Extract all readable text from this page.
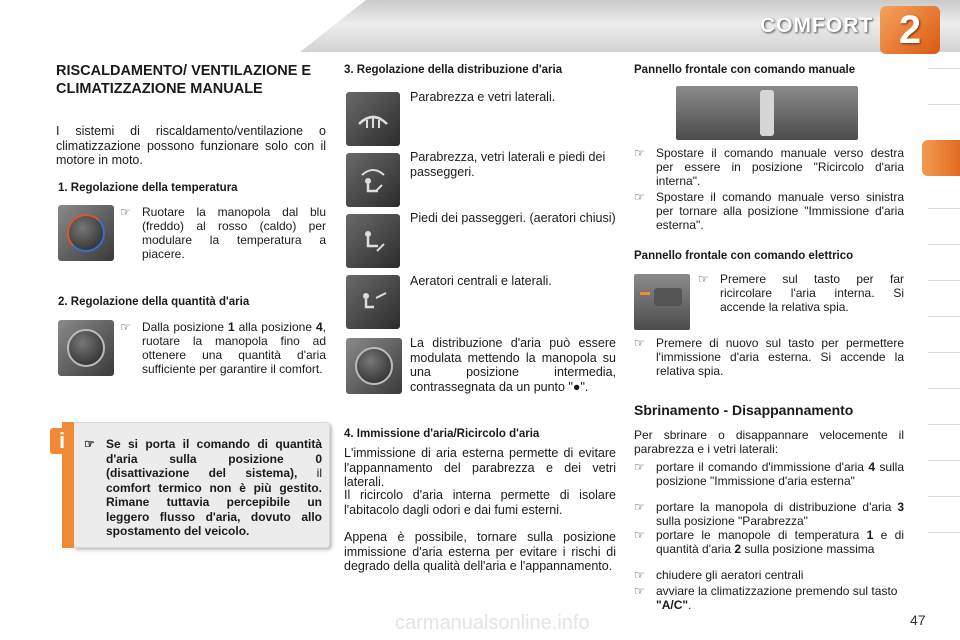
COMFORT 2
RISCALDAMENTO/ VENTILAZIONE E CLIMATIZZAZIONE MANUALE
I sistemi di riscaldamento/ventilazione o climatizzazione possono funzionare solo con il motore in moto.
1. Regolazione della temperatura
☞ Ruotare la manopola dal blu (freddo) al rosso (caldo) per modulare la temperatura a piacere.
2. Regolazione della quantità d'aria
☞ Dalla posizione 1 alla posizione 4, ruotare la manopola fino ad ottenere una quantità d'aria sufficiente per garantire il comfort.
i	☞ Se si porta il comando di quantità d'aria sulla posizione 0 (disattivazione del sistema), il comfort termico non è più gestito. Rimane tuttavia percepibile un leggero flusso d'aria, dovuto allo spostamento del veicolo.
3. Regolazione della distribuzione d'aria
Parabrezza e vetri laterali.
Parabrezza, vetri laterali e piedi dei passeggeri.
Piedi dei passeggeri. (aeratori chiusi)
Aeratori centrali e laterali.
La distribuzione d'aria può essere modulata mettendo la manopola su una posizione intermedia, contrassegnata da un punto "●".
4. Immissione d'aria/Ricircolo d'aria
L'immissione di aria esterna permette di evitare l'appannamento del parabrezza e dei vetri laterali.
Il ricircolo d'aria interna permette di isolare l'abitacolo dagli odori e dai fumi esterni.
Appena è possibile, tornare sulla posizione immissione d'aria esterna per evitare i rischi di degrado della qualità dell'aria e l'appannamento.
Pannello frontale con comando manuale
☞ Spostare il comando manuale verso destra per essere in posizione "Ricircolo d'aria interna".
☞ Spostare il comando manuale verso sinistra per tornare alla posizione "Immissione d'aria esterna".
Pannello frontale con comando elettrico
☞ Premere sul tasto per far ricircolare l'aria interna. Si accende la relativa spia.
☞ Premere di nuovo sul tasto per permettere l'immissione d'aria esterna. Si accende la relativa spia.
Sbrinamento - Disappannamento
Per sbrinare o disappannare velocemente il parabrezza e i vetri laterali:
☞ portare il comando d'immissione d'aria 4 sulla posizione "Immissione d'aria esterna"
☞ portare la manopola di distribuzione d'aria 3 sulla posizione "Parabrezza"
☞ portare le manopole di temperatura 1 e di quantità d'aria 2 sulla posizione massima
☞ chiudere gli aeratori centrali
☞ avviare la climatizzazione premendo sul tasto "A/C".
carmanualsonline.info	47
